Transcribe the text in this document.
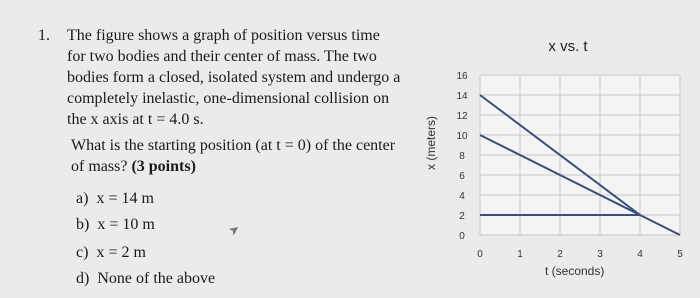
1. The figure shows a graph of position versus time
for two bodies and their center of mass. The two
bodies form a closed, isolated system and undergo a
completely inelastic, one-dimensional collision on
the x axis at t = 4.0 s.
What is the starting position (at t = 0) of the center
of mass? (3 points)
a) x = 14 m
b) x = 10 m
c) x = 2 m
d) None of the above
➤
x vs. t
x (meters)
t (seconds)
0
2
4
6
8
10
12
14
16
0	1	2	3	4	5
